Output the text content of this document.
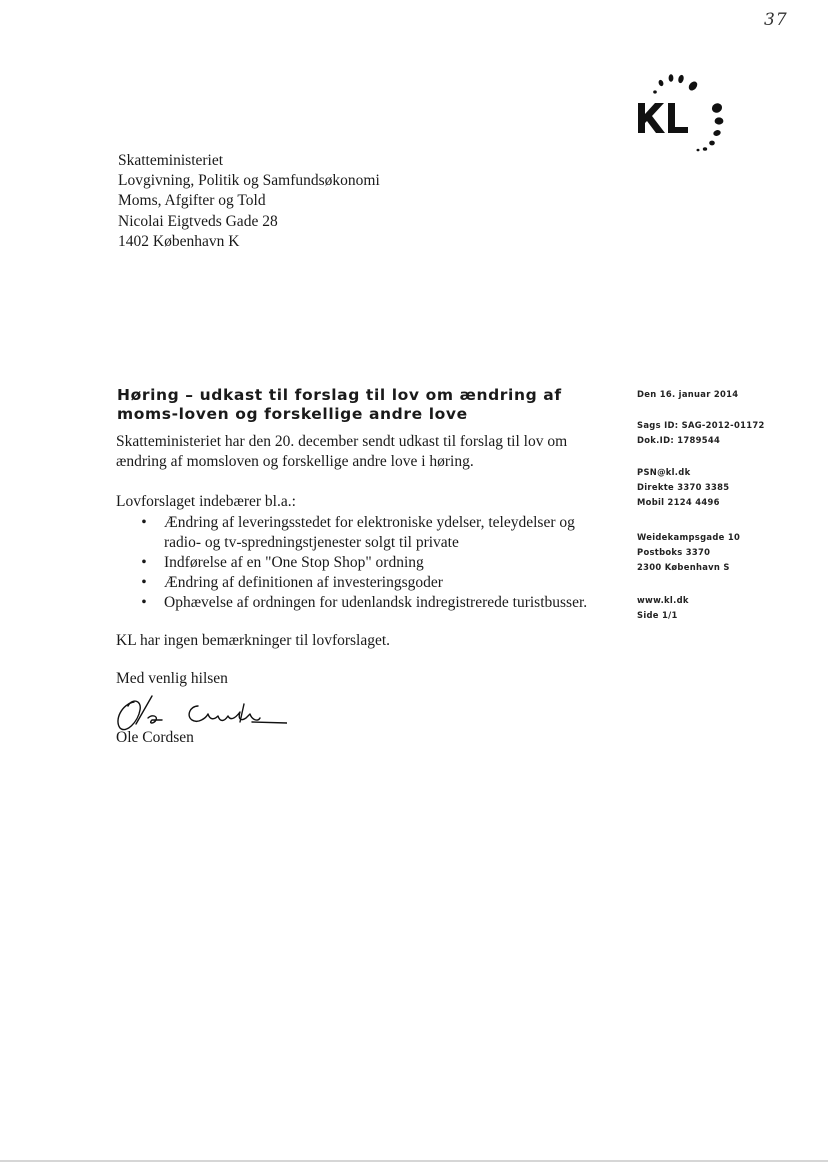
37
Skatteministeriet
Lovgivning, Politik og Samfundsøkonomi
Moms, Afgifter og Told
Nicolai Eigtveds Gade 28
1402 København K
Høring – udkast til forslag til lov om ændring af moms-loven og forskellige andre love
Skatteministeriet har den 20. december sendt udkast til forslag til lov om ændring af momsloven og forskellige andre love i høring.
Lovforslaget indebærer bl.a.:
• Ændring af leveringsstedet for elektroniske ydelser, teleydelser og radio- og tv-spredningstjenester solgt til private
• Indførelse af en "One Stop Shop" ordning
• Ændring af definitionen af investeringsgoder
• Ophævelse af ordningen for udenlandsk indregistrerede turistbusser.
KL har ingen bemærkninger til lovforslaget.
Med venlig hilsen
Ole Cordsen
Den 16. januar 2014
Sags ID: SAG-2012-01172
Dok.ID: 1789544
PSN@kl.dk
Direkte 3370 3385
Mobil 2124 4496
Weidekampsgade 10
Postboks 3370
2300 København S
www.kl.dk
Side 1/1
